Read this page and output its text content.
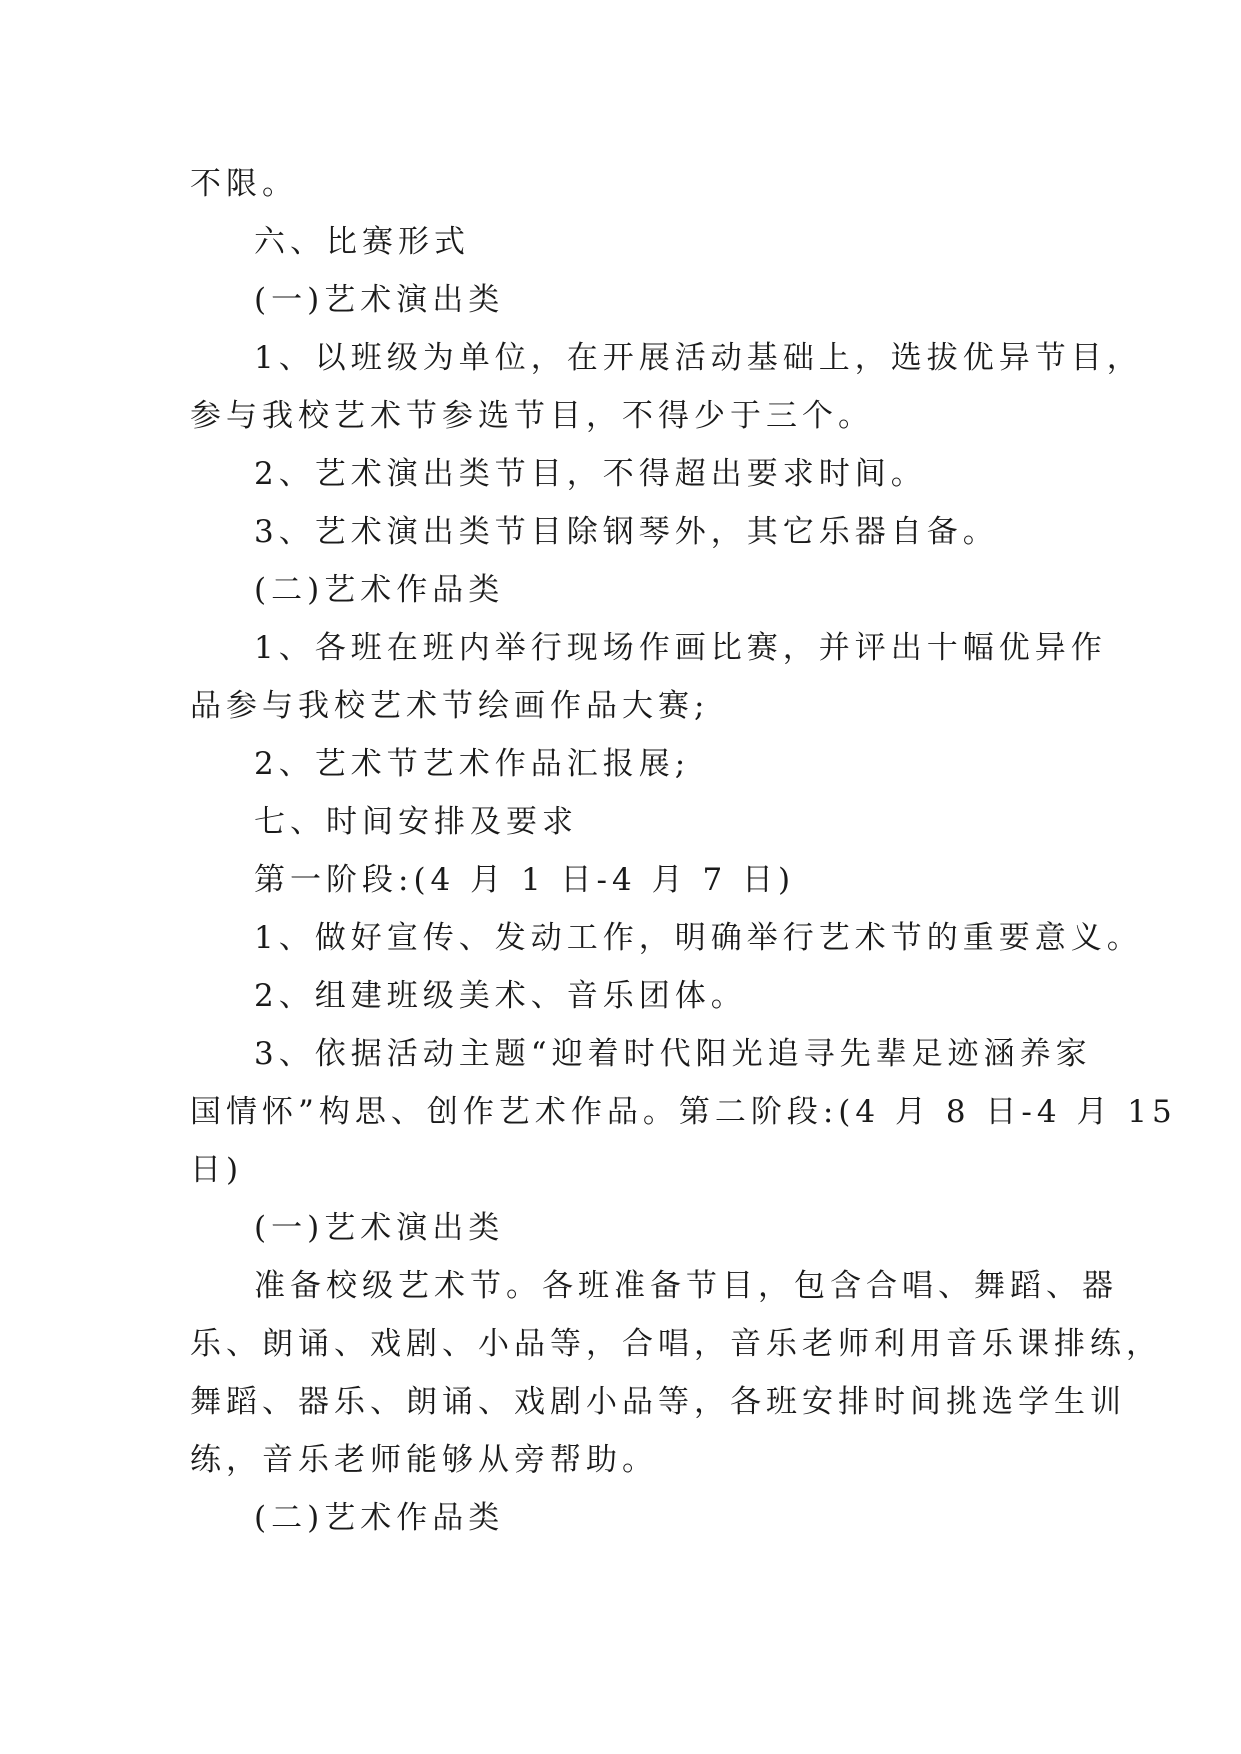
不限。
六、比赛形式
(一)艺术演出类
1、以班级为单位，在开展活动基础上，选拔优异节目，
参与我校艺术节参选节目，不得少于三个。
2、艺术演出类节目，不得超出要求时间。
3、艺术演出类节目除钢琴外，其它乐器自备。
(二)艺术作品类
1、各班在班内举行现场作画比赛，并评出十幅优异作
品参与我校艺术节绘画作品大赛;
2、艺术节艺术作品汇报展;
七、时间安排及要求
第一阶段:(4 月 1 日-4 月 7 日)
1、做好宣传、发动工作，明确举行艺术节的重要意义。
2、组建班级美术、音乐团体。
3、依据活动主题“迎着时代阳光追寻先辈足迹涵养家
国情怀”构思、创作艺术作品。第二阶段:(4 月 8 日-4 月 15
日)
(一)艺术演出类
准备校级艺术节。各班准备节目，包含合唱、舞蹈、器
乐、朗诵、戏剧、小品等，合唱，音乐老师利用音乐课排练，
舞蹈、器乐、朗诵、戏剧小品等，各班安排时间挑选学生训
练，音乐老师能够从旁帮助。
(二)艺术作品类
